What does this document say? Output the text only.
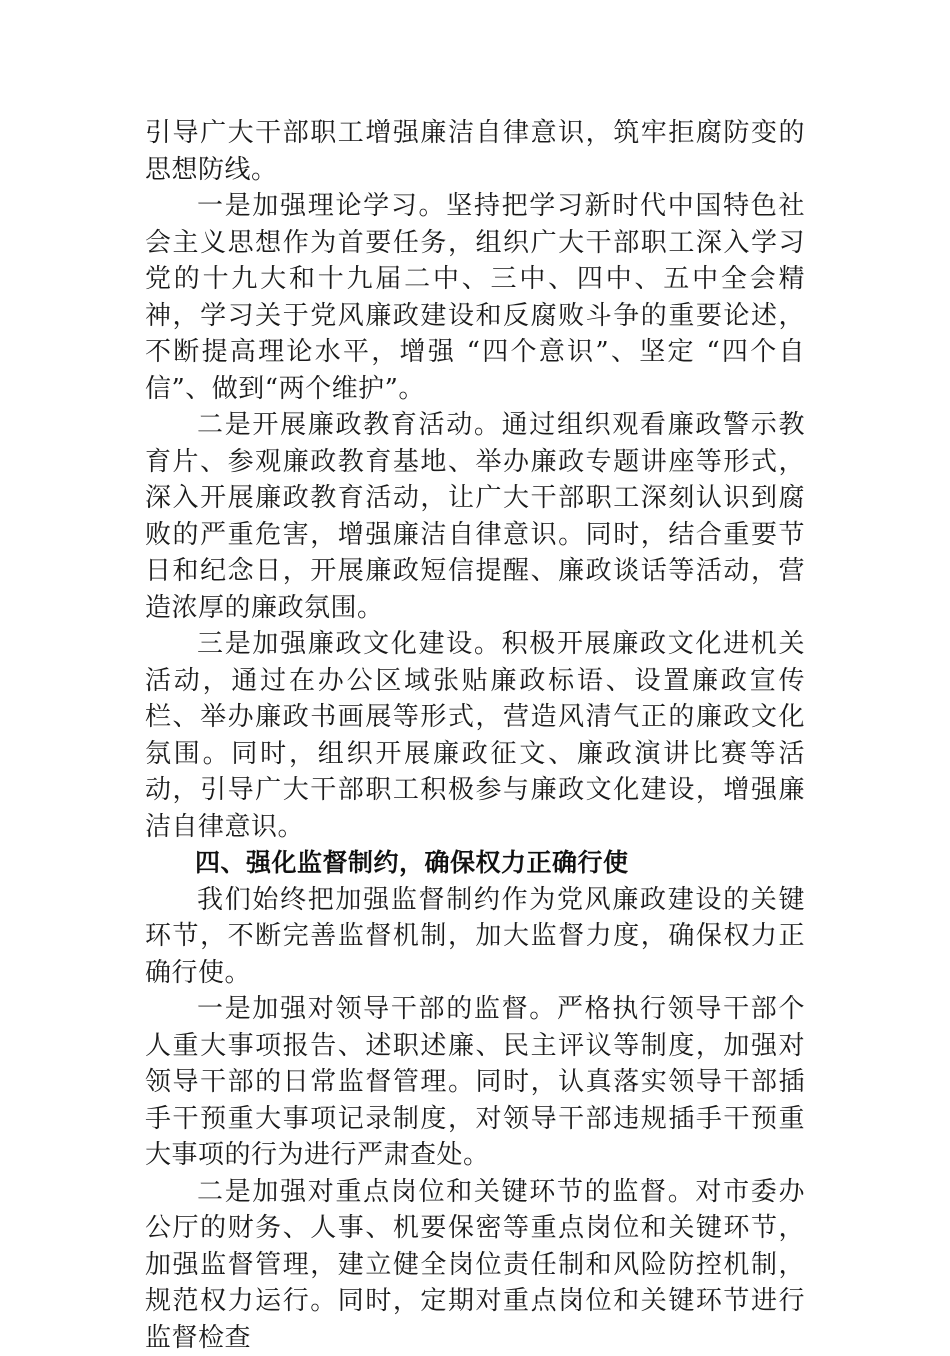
引导广大干部职工增强廉洁自律意识，筑牢拒腐防变的思想防线。

一是加强理论学习。坚持把学习新时代中国特色社会主义思想作为首要任务，组织广大干部职工深入学习党的十九大和十九届二中、三中、四中、五中全会精神，学习关于党风廉政建设和反腐败斗争的重要论述，不断提高理论水平，增强 “四个意识”、坚定 “四个自信”、做到“两个维护”。

二是开展廉政教育活动。通过组织观看廉政警示教育片、参观廉政教育基地、举办廉政专题讲座等形式，深入开展廉政教育活动，让广大干部职工深刻认识到腐败的严重危害，增强廉洁自律意识。同时，结合重要节日和纪念日，开展廉政短信提醒、廉政谈话等活动，营造浓厚的廉政氛围。

三是加强廉政文化建设。积极开展廉政文化进机关活动，通过在办公区域张贴廉政标语、设置廉政宣传栏、举办廉政书画展等形式，营造风清气正的廉政文化氛围。同时，组织开展廉政征文、廉政演讲比赛等活动，引导广大干部职工积极参与廉政文化建设，增强廉洁自律意识。

四、强化监督制约，确保权力正确行使

我们始终把加强监督制约作为党风廉政建设的关键环节，不断完善监督机制，加大监督力度，确保权力正确行使。

一是加强对领导干部的监督。严格执行领导干部个人重大事项报告、述职述廉、民主评议等制度，加强对领导干部的日常监督管理。同时，认真落实领导干部插手干预重大事项记录制度，对领导干部违规插手干预重大事项的行为进行严肃查处。

二是加强对重点岗位和关键环节的监督。对市委办公厅的财务、人事、机要保密等重点岗位和关键环节，加强监督管理，建立健全岗位责任制和风险防控机制，规范权力运行。同时，定期对重点岗位和关键环节进行监督检查
